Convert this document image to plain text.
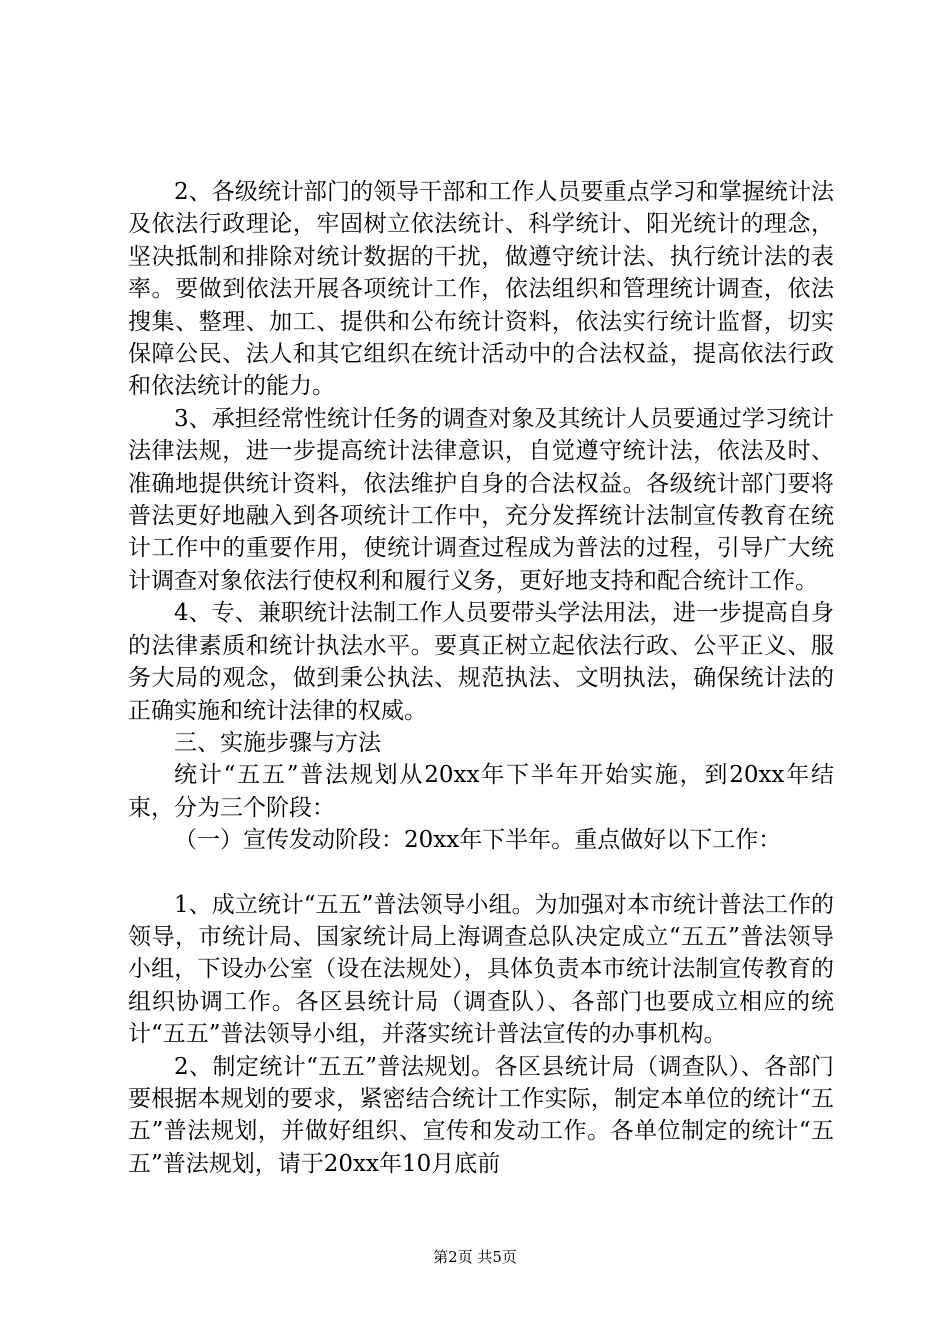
2、各级统计部门的领导干部和工作人员要重点学习和掌握统计法及依法行政理论，牢固树立依法统计、科学统计、阳光统计的理念，坚决抵制和排除对统计数据的干扰，做遵守统计法、执行统计法的表率。要做到依法开展各项统计工作，依法组织和管理统计调查，依法搜集、整理、加工、提供和公布统计资料，依法实行统计监督，切实保障公民、法人和其它组织在统计活动中的合法权益，提高依法行政和依法统计的能力。

3、承担经常性统计任务的调查对象及其统计人员要通过学习统计法律法规，进一步提高统计法律意识，自觉遵守统计法，依法及时、准确地提供统计资料，依法维护自身的合法权益。各级统计部门要将普法更好地融入到各项统计工作中，充分发挥统计法制宣传教育在统计工作中的重要作用，使统计调查过程成为普法的过程，引导广大统计调查对象依法行使权利和履行义务，更好地支持和配合统计工作。

4、专、兼职统计法制工作人员要带头学法用法，进一步提高自身的法律素质和统计执法水平。要真正树立起依法行政、公平正义、服务大局的观念，做到秉公执法、规范执法、文明执法，确保统计法的正确实施和统计法律的权威。

三、实施步骤与方法

统计“五五”普法规划从20xx年下半年开始实施，到20xx年结束，分为三个阶段：

（一）宣传发动阶段：20xx年下半年。重点做好以下工作：

1、成立统计“五五”普法领导小组。为加强对本市统计普法工作的领导，市统计局、国家统计局上海调查总队决定成立“五五”普法领导小组，下设办公室（设在法规处），具体负责本市统计法制宣传教育的组织协调工作。各区县统计局（调查队）、各部门也要成立相应的统计“五五”普法领导小组，并落实统计普法宣传的办事机构。

2、制定统计“五五”普法规划。各区县统计局（调查队）、各部门要根据本规划的要求，紧密结合统计工作实际，制定本单位的统计“五五”普法规划，并做好组织、宣传和发动工作。各单位制定的统计“五五”普法规划，请于20xx年10月底前

第2页 共5页
